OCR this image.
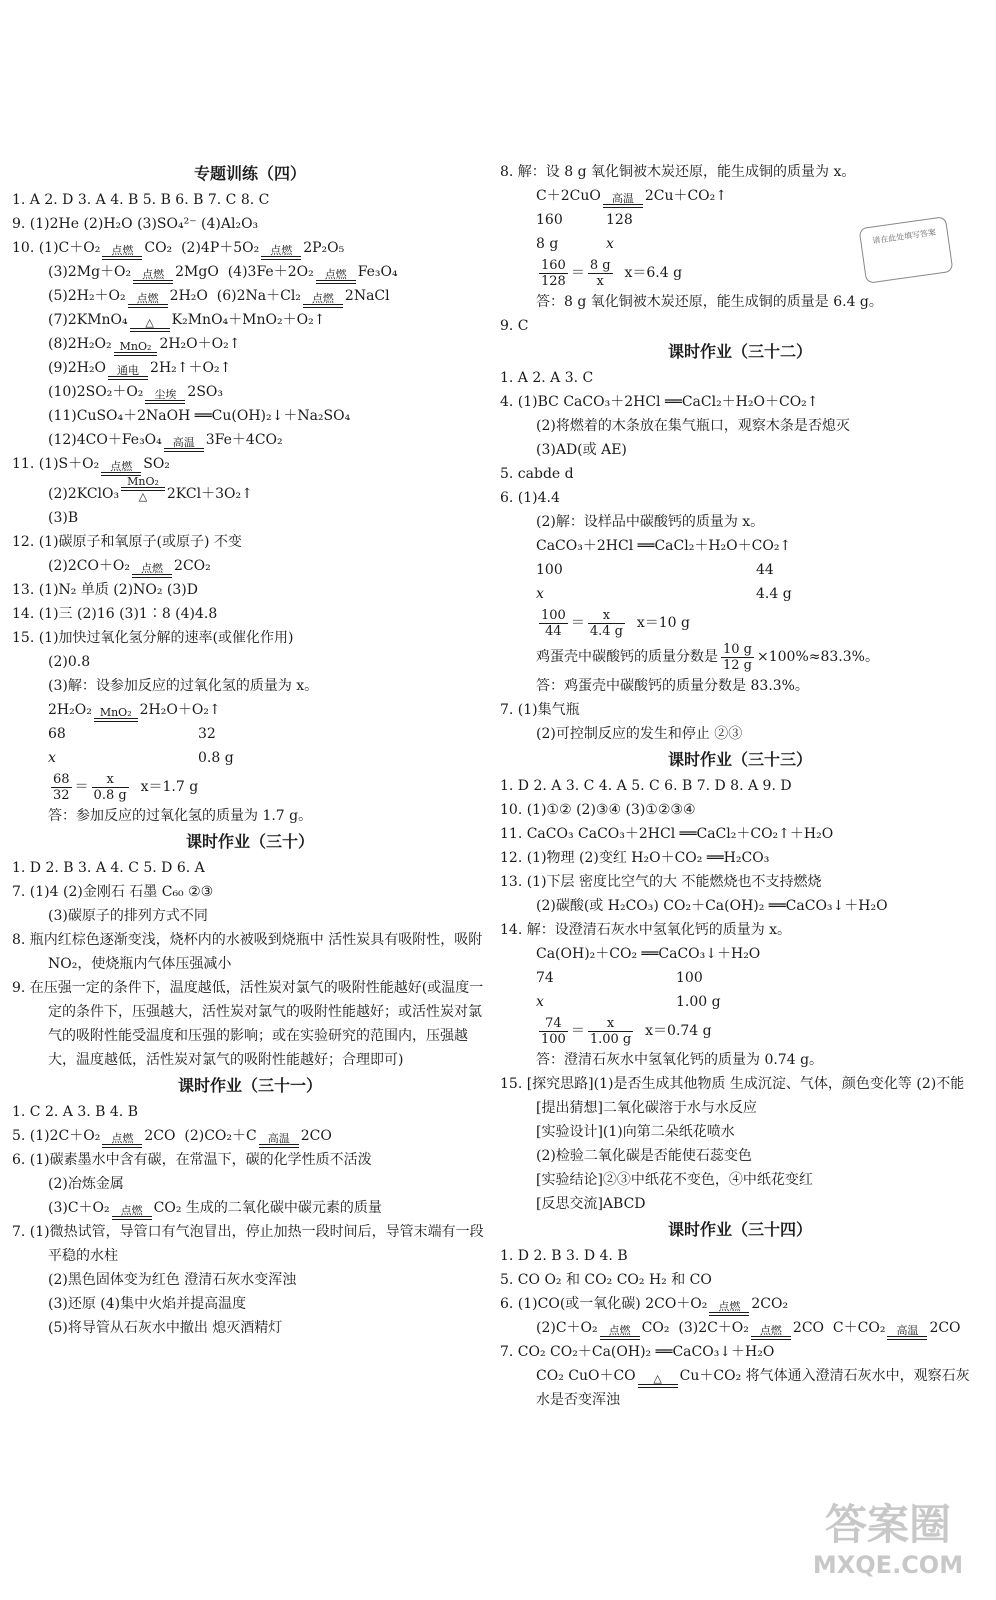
专题训练（四）
1. A 2. D 3. A 4. B 5. B 6. B 7. C 8. C
9. (1)2He (2)H₂O (3)SO₄²⁻ (4)Al₂O₃
10. (1)C＋O₂	点燃 CO₂ (2)4P＋5O₂	点燃 2P₂O₅
(3)2Mg＋O₂	点燃 2MgO (4)3Fe＋2O₂	点燃 Fe₃O₄
(5)2H₂＋O₂	点燃 2H₂O (6)2Na＋Cl₂	点燃 2NaCl
(7)2KMnO₄	△	K₂MnO₄＋MnO₂＋O₂↑
(8)2H₂O₂ MnO₂ 2H₂O＋O₂↑
(9)2H₂O	通电 2H₂↑＋O₂↑
(10)2SO₂＋O₂	尘埃 2SO₃
(11)CuSO₄＋2NaOH ══Cu(OH)₂↓＋Na₂SO₄
(12)4CO＋Fe₃O₄	高温 3Fe＋4CO₂
11. (1)S＋O₂	点燃 SO₂
(2)2KClO₃
MnO₂
△	2KCl＋3O₂↑
(3)B
12. (1)碳原子和氧原子(或原子) 不变
(2)2CO＋O₂	点燃 2CO₂
13. (1)N₂ 单质 (2)NO₂ (3)D
14. (1)三 (2)16 (3)1∶8 (4)4.8
15. (1)加快过氧化氢分解的速率(或催化作用)
(2)0.8
(3)解：设参加反应的过氧化氢的质量为 x。
2H₂O₂ MnO₂ 2H₂O＋O₂↑
68	32
x	0.8 g
$\frac{68}{32} = \frac{x}{0.8 g} x=1.7$ g
答：参加反应的过氧化氢的质量为 1.7 g。
课时作业（三十）
1. D 2. B 3. A 4. C 5. D 6. A
7. (1)4 (2)金刚石 石墨 C₆₀ ②③
(3)碳原子的排列方式不同
8. 瓶内红棕色逐渐变浅，烧杯内的水被吸到烧瓶中 活性炭具有吸附性，吸附 NO₂，使烧瓶内气体压强减小
9. 在压强一定的条件下，温度越低，活性炭对氯气的吸附性能越好(或温度一定的条件下，压强越大，活性炭对氯气的吸附性能越好；或活性炭对氯气的吸附性能受温度和压强的影响；或在实验研究的范围内，压强越大，温度越低，活性炭对氯气的吸附性能越好；合理即可)
课时作业（三十一）
1. C 2. A 3. B 4. B
5. (1)2C＋O₂	点燃 2CO (2)CO₂＋C	高温 2CO
6. (1)碳素墨水中含有碳，在常温下，碳的化学性质不活泼
(2)冶炼金属
(3)C＋O₂	点燃 CO₂ 生成的二氧化碳中碳元素的质量
7. (1)微热试管，导管口有气泡冒出，停止加热一段时间后，导管末端有一段平稳的水柱
(2)黑色固体变为红色 澄清石灰水变浑浊
(3)还原 (4)集中火焰并提高温度
(5)将导管从石灰水中撤出 熄灭酒精灯
8. 解：设 8 g 氧化铜被木炭还原，能生成铜的质量为 x。
C＋2CuO	高温 2Cu＋CO₂↑
160	128
8 g	x
$\frac{160}{128} = \frac{8 g}{x} x=6.4$ g
答：8 g 氧化铜被木炭还原，能生成铜的质量是 6.4 g。
9. C
课时作业（三十二）
1. A 2. A 3. C
4. (1)BC CaCO₃＋2HCl ══CaCl₂＋H₂O＋CO₂↑
(2)将燃着的木条放在集气瓶口，观察木条是否熄灭
(3)AD(或 AE)
5. cabde d
6. (1)4.4
(2)解：设样品中碳酸钙的质量为 x。
CaCO₃＋2HCl ══CaCl₂＋H₂O＋CO₂↑
100	44
x	4.4 g
$\frac{100}{44} = \frac{x}{4.4 g} x=10$ g
鸡蛋壳中碳酸钙的质量分数是 $\frac{10 g}{12 g} \times 100\%\approx 83.3\%$。
答：鸡蛋壳中碳酸钙的质量分数是 83.3%。
7. (1)集气瓶
(2)可控制反应的发生和停止 ②③
课时作业（三十三）
1. D 2. A 3. C 4. A 5. C 6. B 7. D 8. A 9. D
10. (1)①② (2)③④ (3)①②③④
11. CaCO₃ CaCO₃＋2HCl ══CaCl₂＋CO₂↑＋H₂O
12. (1)物理 (2)变红 H₂O＋CO₂ ══H₂CO₃
13. (1)下层 密度比空气的大 不能燃烧也不支持燃烧
(2)碳酸(或 H₂CO₃) CO₂＋Ca(OH)₂ ══CaCO₃↓＋H₂O
14. 解：设澄清石灰水中氢氧化钙的质量为 x。
Ca(OH)₂＋CO₂ ══CaCO₃↓＋H₂O
74	100
x	1.00 g
$\frac{74}{100} = \frac{x}{1.00 g} x=0.74$ g
答：澄清石灰水中氢氧化钙的质量为 0.74 g。
15. [探究思路](1)是否生成其他物质 生成沉淀、气体，颜色变化等 (2)不能
[提出猜想]二氧化碳溶于水与水反应
[实验设计](1)向第二朵纸花喷水
(2)检验二氧化碳是否能使石蕊变色
[实验结论]②③中纸花不变色，④中纸花变红
[反思交流]ABCD
课时作业（三十四）
1. D 2. B 3. D 4. B
5. CO O₂ 和 CO₂ CO₂ H₂ 和 CO
6. (1)CO(或一氧化碳) 2CO＋O₂	点燃 2CO₂
(2)C＋O₂	点燃 CO₂ (3)2C＋O₂	点燃 2CO C＋CO₂	高温 2CO
7. CO₂ CO₂＋Ca(OH)₂ ══CaCO₃↓＋H₂O
CO₂ CuO＋CO	△	Cu＋CO₂ 将气体通入澄清石灰水中，观察石灰水是否变浑浊
请在此处填写答案
答案圈
MXQE.COM
